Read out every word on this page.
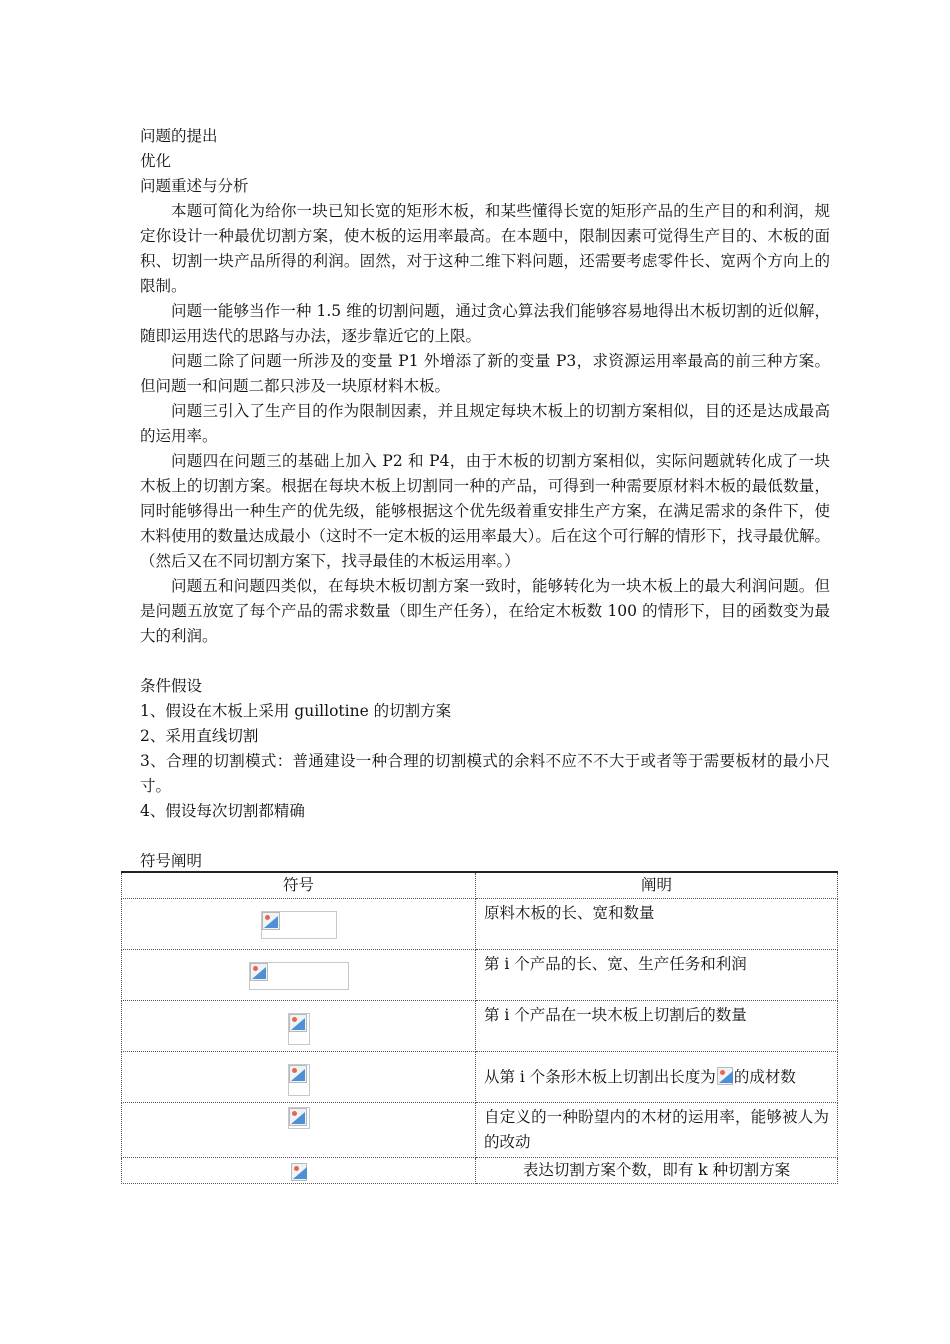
问题的提出

优化

问题重述与分析

本题可简化为给你一块已知长宽的矩形木板，和某些懂得长宽的矩形产品的生产目的和利润，规定你设计一种最优切割方案，使木板的运用率最高。在本题中，限制因素可觉得生产目的、木板的面积、切割一块产品所得的利润。固然，对于这种二维下料问题，还需要考虑零件长、宽两个方向上的限制。

问题一能够当作一种 1.5 维的切割问题，通过贪心算法我们能够容易地得出木板切割的近似解，随即运用迭代的思路与办法，逐步靠近它的上限。

问题二除了问题一所涉及的变量 P1 外增添了新的变量 P3，求资源运用率最高的前三种方案。但问题一和问题二都只涉及一块原材料木板。

问题三引入了生产目的作为限制因素，并且规定每块木板上的切割方案相似，目的还是达成最高的运用率。

问题四在问题三的基础上加入 P2 和 P4，由于木板的切割方案相似，实际问题就转化成了一块木板上的切割方案。根据在每块木板上切割同一种的产品，可得到一种需要原材料木板的最低数量，同时能够得出一种生产的优先级，能够根据这个优先级着重安排生产方案，在满足需求的条件下，使木料使用的数量达成最小（这时不一定木板的运用率最大）。后在这个可行解的情形下，找寻最优解。（然后又在不同切割方案下，找寻最佳的木板运用率。）

问题五和问题四类似，在每块木板切割方案一致时，能够转化为一块木板上的最大利润问题。但是问题五放宽了每个产品的需求数量（即生产任务），在给定木板数 100 的情形下，目的函数变为最大的利润。

条件假设

1、假设在木板上采用 guillotine 的切割方案

2、采用直线切割

3、合理的切割模式：普通建设一种合理的切割模式的余料不应不不大于或者等于需要板材的最小尺寸。

4、假设每次切割都精确

符号阐明

符号	阐明

	原料木板的长、宽和数量

	第 i 个产品的长、宽、生产任务和利润

	第 i 个产品在一块木板上切割后的数量

	从第 i 个条形木板上切割出长度为 的成材数

	自定义的一种盼望内的木材的运用率，能够被人为的改动
	表达切割方案个数，即有 k 种切割方案
